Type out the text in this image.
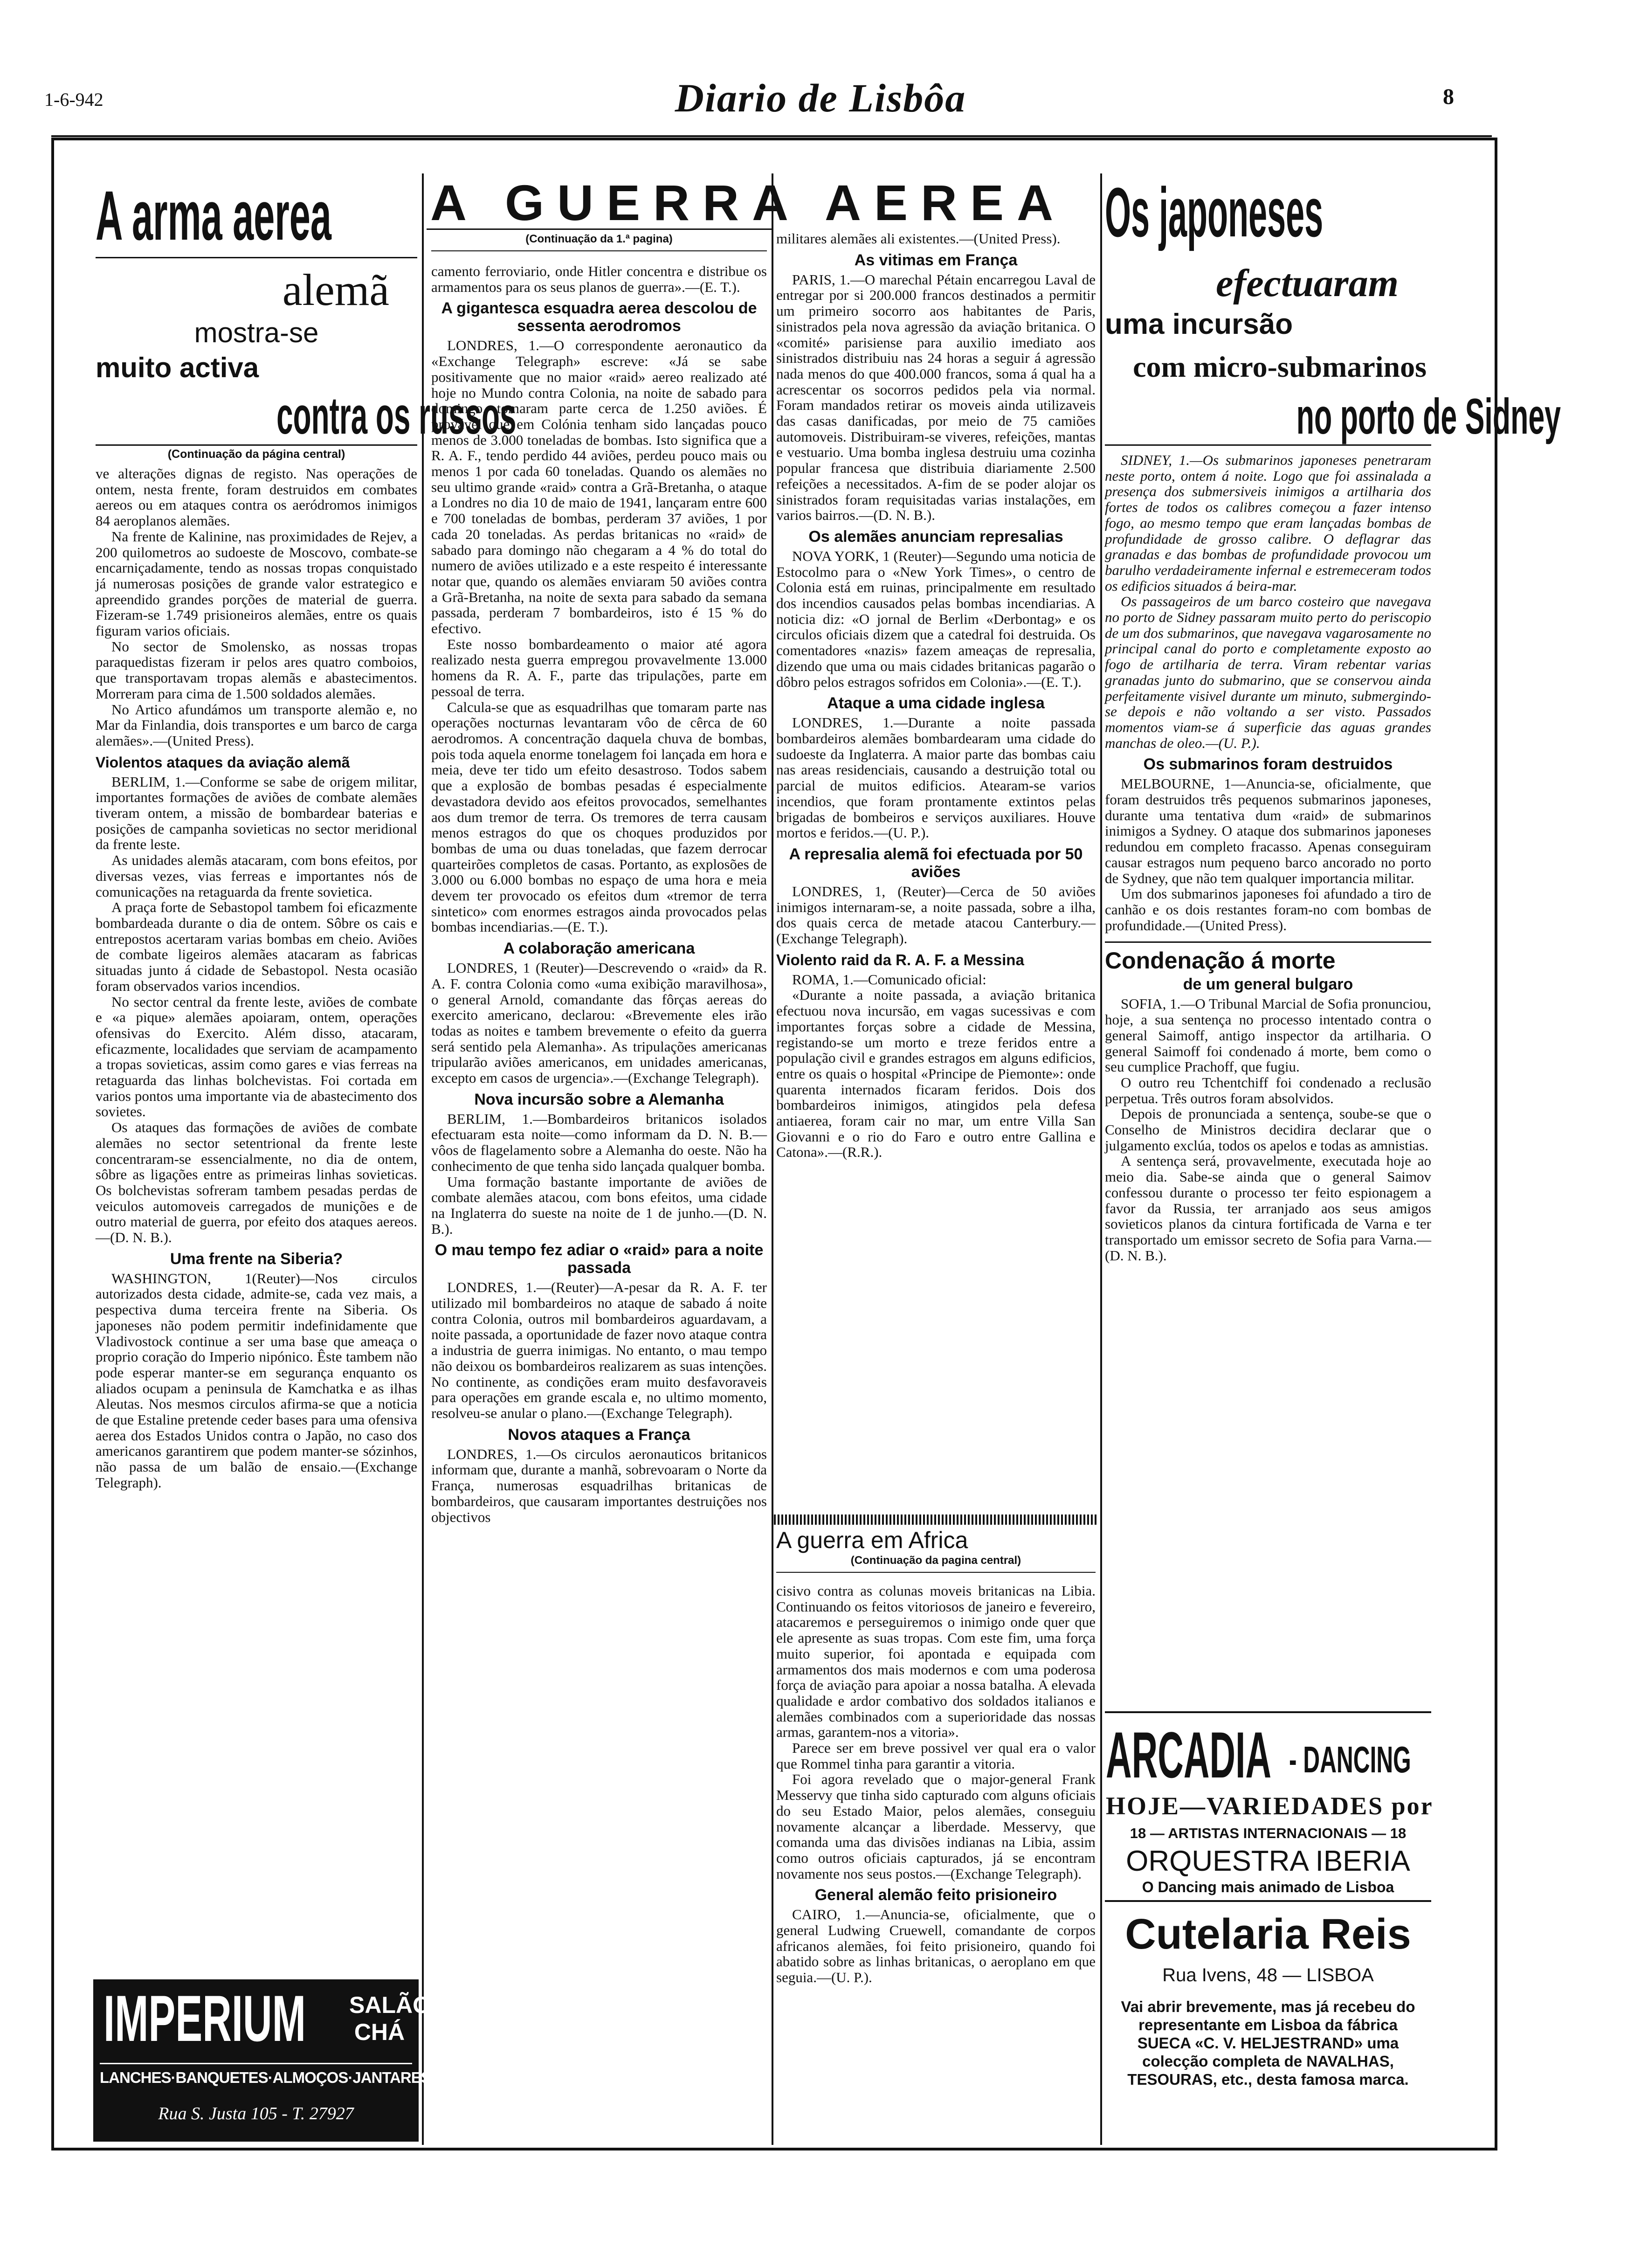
1-6-942	Diario de Lisbôa	8
A arma aerea
alemã
mostra-se
muito activa
contra os russos
(Continuação da página central)

ve alterações dignas de registo. Nas operações de ontem, nesta frente, foram destruidos em combates aereos ou em ataques contra os aeródromos inimigos 84 aeroplanos alemães.

Na frente de Kalinine, nas proximidades de Rejev, a 200 quilometros ao sudoeste de Moscovo, combate-se encarniçadamente, tendo as nossas tropas conquistado já numerosas posições de grande valor estrategico e apreendido grandes porções de material de guerra. Fizeram-se 1.749 prisioneiros alemães, entre os quais figuram varios oficiais.

No sector de Smolensko, as nossas tropas paraquedistas fizeram ir pelos ares quatro comboios, que transportavam tropas alemãs e abastecimentos. Morreram para cima de 1.500 soldados alemães.

No Artico afundámos um transporte alemão e, no Mar da Finlandia, dois transportes e um barco de carga alemães».—(United Press).

Violentos ataques da aviação alemã

BERLIM, 1.—Conforme se sabe de origem militar, importantes formações de aviões de combate alemães tiveram ontem, a missão de bombardear baterias e posições de campanha sovieticas no sector meridional da frente leste.

As unidades alemãs atacaram, com bons efeitos, por diversas vezes, vias ferreas e importantes nós de comunicações na retaguarda da frente sovietica.

A praça forte de Sebastopol tambem foi eficazmente bombardeada durante o dia de ontem. Sôbre os cais e entrepostos acertaram varias bombas em cheio. Aviões de combate ligeiros alemães atacaram as fabricas situadas junto á cidade de Sebastopol. Nesta ocasião foram observados varios incendios.

No sector central da frente leste, aviões de combate e «a pique» alemães apoiaram, ontem, operações ofensivas do Exercito. Além disso, atacaram, eficazmente, localidades que serviam de acampamento a tropas sovieticas, assim como gares e vias ferreas na retaguarda das linhas bolchevistas. Foi cortada em varios pontos uma importante via de abastecimento dos sovietes.

Os ataques das formações de aviões de combate alemães no sector setentrional da frente leste concentraram-se essencialmente, no dia de ontem, sôbre as ligações entre as primeiras linhas sovieticas. Os bolchevistas sofreram tambem pesadas perdas de veiculos automoveis carregados de munições e de outro material de guerra, por efeito dos ataques aereos.—(D. N. B.).

Uma frente na Siberia?

WASHINGTON, 1(Reuter)—Nos circulos autorizados desta cidade, admite-se, cada vez mais, a pespectiva duma terceira frente na Siberia. Os japoneses não podem permitir indefinidamente que Vladivostock continue a ser uma base que ameaça o proprio coração do Imperio nipónico. Êste tambem não pode esperar manter-se em segurança enquanto os aliados ocupam a peninsula de Kamchatka e as ilhas Aleutas. Nos mesmos circulos afirma-se que a noticia de que Estaline pretende ceder bases para uma ofensiva aerea dos Estados Unidos contra o Japão, no caso dos americanos garantirem que podem manter-se sózinhos, não passa de um balão de ensaio.—(Exchange Telegraph).

IMPERIUM	SALÃO
CHÁ
LANCHES·BANQUETES·ALMOÇOS·JANTARES
Rua S. Justa 105 - T. 27927
A GUERRA AEREA
(Continuação da 1.ª pagina)

camento ferroviario, onde Hitler concentra e distribue os armamentos para os seus planos de guerra».—(E. T.).

A gigantesca esquadra aerea descolou de sessenta aerodromos

LONDRES, 1.—O correspondente aeronautico da «Exchange Telegraph» escreve: «Já se sabe positivamente que no maior «raid» aereo realizado até hoje no Mundo contra Colonia, na noite de sabado para domingo, tomaram parte cerca de 1.250 aviões. É provável que em Colónia tenham sido lançadas pouco menos de 3.000 toneladas de bombas. Isto significa que a R. A. F., tendo perdido 44 aviões, perdeu pouco mais ou menos 1 por cada 60 toneladas. Quando os alemães no seu ultimo grande «raid» contra a Grã-Bretanha, o ataque a Londres no dia 10 de maio de 1941, lançaram entre 600 e 700 toneladas de bombas, perderam 37 aviões, 1 por cada 20 toneladas. As perdas britanicas no «raid» de sabado para domingo não chegaram a 4 % do total do numero de aviões utilizado e a este respeito é interessante notar que, quando os alemães enviaram 50 aviões contra a Grã-Bretanha, na noite de sexta para sabado da semana passada, perderam 7 bombardeiros, isto é 15 % do efectivo.

Este nosso bombardeamento o maior até agora realizado nesta guerra empregou provavelmente 13.000 homens da R. A. F., parte das tripulações, parte em pessoal de terra.

Calcula-se que as esquadrilhas que tomaram parte nas operações nocturnas levantaram vôo de cêrca de 60 aerodromos. A concentração daquela chuva de bombas, pois toda aquela enorme tonelagem foi lançada em hora e meia, deve ter tido um efeito desastroso. Todos sabem que a explosão de bombas pesadas é especialmente devastadora devido aos efeitos provocados, semelhantes aos dum tremor de terra. Os tremores de terra causam menos estragos do que os choques produzidos por bombas de uma ou duas toneladas, que fazem derrocar quarteirões completos de casas. Portanto, as explosões de 3.000 ou 6.000 bombas no espaço de uma hora e meia devem ter provocado os efeitos dum «tremor de terra sintetico» com enormes estragos ainda provocados pelas bombas incendiarias.—(E. T.).

A colaboração americana

LONDRES, 1 (Reuter)—Descrevendo o «raid» da R. A. F. contra Colonia como «uma exibição maravilhosa», o general Arnold, comandante das fôrças aereas do exercito americano, declarou: «Brevemente eles irão todas as noites e tambem brevemente o efeito da guerra será sentido pela Alemanha». As tripulações americanas tripularão aviões americanos, em unidades americanas, excepto em casos de urgencia».—(Exchange Telegraph).

Nova incursão sobre a Alemanha

BERLIM, 1.—Bombardeiros britanicos isolados efectuaram esta noite—como informam da D. N. B.—vôos de flagelamento sobre a Alemanha do oeste. Não ha conhecimento de que tenha sido lançada qualquer bomba.

Uma formação bastante importante de aviões de combate alemães atacou, com bons efeitos, uma cidade na Inglaterra do sueste na noite de 1 de junho.—(D. N. B.).

O mau tempo fez adiar o «raid» para a noite passada

LONDRES, 1.—(Reuter)—A-pesar da R. A. F. ter utilizado mil bombardeiros no ataque de sabado á noite contra Colonia, outros mil bombardeiros aguardavam, a noite passada, a oportunidade de fazer novo ataque contra a industria de guerra inimigas. No entanto, o mau tempo não deixou os bombardeiros realizarem as suas intenções. No continente, as condições eram muito desfavoraveis para operações em grande escala e, no ultimo momento, resolveu-se anular o plano.—(Exchange Telegraph).

Novos ataques a França

LONDRES, 1.—Os circulos aeronauticos britanicos informam que, durante a manhã, sobrevoaram o Norte da França, numerosas esquadrilhas britanicas de bombardeiros, que causaram importantes destruições nos objectivos

militares alemães ali existentes.—(United Press).

As vitimas em França

PARIS, 1.—O marechal Pétain encarregou Laval de entregar por si 200.000 francos destinados a permitir um primeiro socorro aos habitantes de Paris, sinistrados pela nova agressão da aviação britanica. O «comité» parisiense para auxilio imediato aos sinistrados distribuiu nas 24 horas a seguir á agressão nada menos do que 400.000 francos, soma á qual ha a acrescentar os socorros pedidos pela via normal. Foram mandados retirar os moveis ainda utilizaveis das casas danificadas, por meio de 75 camiões automoveis. Distribuiram-se viveres, refeições, mantas e vestuario. Uma bomba inglesa destruiu uma cozinha popular francesa que distribuia diariamente 2.500 refeições a necessitados. A-fim de se poder alojar os sinistrados foram requisitadas varias instalações, em varios bairros.—(D. N. B.).

Os alemães anunciam represalias

NOVA YORK, 1 (Reuter)—Segundo uma noticia de Estocolmo para o «New York Times», o centro de Colonia está em ruinas, principalmente em resultado dos incendios causados pelas bombas incendiarias. A noticia diz: «O jornal de Berlim «Derbontag» e os circulos oficiais dizem que a catedral foi destruida. Os comentadores «nazis» fazem ameaças de represalia, dizendo que uma ou mais cidades britanicas pagarão o dôbro pelos estragos sofridos em Colonia».—(E. T.).

Ataque a uma cidade inglesa

LONDRES, 1.—Durante a noite passada bombardeiros alemães bombardearam uma cidade do sudoeste da Inglaterra. A maior parte das bombas caiu nas areas residenciais, causando a destruição total ou parcial de muitos edificios. Atearam-se varios incendios, que foram prontamente extintos pelas brigadas de bombeiros e serviços auxiliares. Houve mortos e feridos.—(U. P.).

A represalia alemã foi efectuada por 50 aviões

LONDRES, 1, (Reuter)—Cerca de 50 aviões inimigos internaram-se, a noite passada, sobre a ilha, dos quais cerca de metade atacou Canterbury.—(Exchange Telegraph).

Violento raid da R. A. F. a Messina

ROMA, 1.—Comunicado oficial:

«Durante a noite passada, a aviação britanica efectuou nova incursão, em vagas sucessivas e com importantes forças sobre a cidade de Messina, registando-se um morto e treze feridos entre a população civil e grandes estragos em alguns edificios, entre os quais o hospital «Principe de Piemonte»: onde quarenta internados ficaram feridos. Dois dos bombardeiros inimigos, atingidos pela defesa antiaerea, foram cair no mar, um entre Villa San Giovanni e o rio do Faro e outro entre Gallina e Catona».—(R.R.).

A guerra em Africa
(Continuação da pagina central)

cisivo contra as colunas moveis britanicas na Libia. Continuando os feitos vitoriosos de janeiro e fevereiro, atacaremos e perseguiremos o inimigo onde quer que ele apresente as suas tropas. Com este fim, uma força muito superior, foi apontada e equipada com armamentos dos mais modernos e com uma poderosa força de aviação para apoiar a nossa batalha. A elevada qualidade e ardor combativo dos soldados italianos e alemães combinados com a superioridade das nossas armas, garantem-nos a vitoria».

Parece ser em breve possivel ver qual era o valor que Rommel tinha para garantir a vitoria.

Foi agora revelado que o major-general Frank Messervy que tinha sido capturado com alguns oficiais do seu Estado Maior, pelos alemães, conseguiu novamente alcançar a liberdade. Messervy, que comanda uma das divisões indianas na Libia, assim como outros oficiais capturados, já se encontram novamente nos seus postos.—(Exchange Telegraph).

General alemão feito prisioneiro

CAIRO, 1.—Anuncia-se, oficialmente, que o general Ludwing Cruewell, comandante de corpos africanos alemães, foi feito prisioneiro, quando foi abatido sobre as linhas britanicas, o aeroplano em que seguia.—(U. P.).

Os japoneses
efectuaram
uma incursão
com micro-submarinos
no porto de Sidney

SIDNEY, 1.—Os submarinos japoneses penetraram neste porto, ontem á noite. Logo que foi assinalada a presença dos submersiveis inimigos a artilharia dos fortes de todos os calibres começou a fazer intenso fogo, ao mesmo tempo que eram lançadas bombas de profundidade de grosso calibre. O deflagrar das granadas e das bombas de profundidade provocou um barulho verdadeiramente infernal e estremeceram todos os edificios situados á beira-mar.

Os passageiros de um barco costeiro que navegava no porto de Sidney passaram muito perto do periscopio de um dos submarinos, que navegava vagarosamente no principal canal do porto e completamente exposto ao fogo de artilharia de terra. Viram rebentar varias granadas junto do submarino, que se conservou ainda perfeitamente visivel durante um minuto, submergindo-se depois e não voltando a ser visto. Passados momentos viam-se á superficie das aguas grandes manchas de oleo.—(U. P.).

Os submarinos foram destruidos

MELBOURNE, 1—Anuncia-se, oficialmente, que foram destruidos três pequenos submarinos japoneses, durante uma tentativa dum «raid» de submarinos inimigos a Sydney. O ataque dos submarinos japoneses redundou em completo fracasso. Apenas conseguiram causar estragos num pequeno barco ancorado no porto de Sydney, que não tem qualquer importancia militar.

Um dos submarinos japoneses foi afundado a tiro de canhão e os dois restantes foram-no com bombas de profundidade.—(United Press).

Condenação á morte
de um general bulgaro

SOFIA, 1.—O Tribunal Marcial de Sofia pronunciou, hoje, a sua sentença no processo intentado contra o general Saimoff, antigo inspector da artilharia. O general Saimoff foi condenado á morte, bem como o seu cumplice Prachoff, que fugiu.

O outro reu Tchentchiff foi condenado a reclusão perpetua. Três outros foram absolvidos.

Depois de pronunciada a sentença, soube-se que o Conselho de Ministros decidira declarar que o julgamento exclúa, todos os apelos e todas as amnistias.

A sentença será, provavelmente, executada hoje ao meio dia. Sabe-se ainda que o general Saimov confessou durante o processo ter feito espionagem a favor da Russia, ter arranjado aos seus amigos sovieticos planos da cintura fortificada de Varna e ter transportado um emissor secreto de Sofia para Varna.—(D. N. B.).

ARCADIA - DANCING
HOJE—VARIEDADES por
18 — ARTISTAS INTERNACIONAIS — 18
ORQUESTRA IBERIA
O Dancing mais animado de Lisboa
Cutelaria Reis
Rua Ivens, 48 — LISBOA
Vai abrir brevemente, mas já recebeu do representante em Lisboa da fábrica SUECA «C. V. HELJESTRAND» uma colecção completa de NAVALHAS, TESOURAS, etc., desta famosa marca.
